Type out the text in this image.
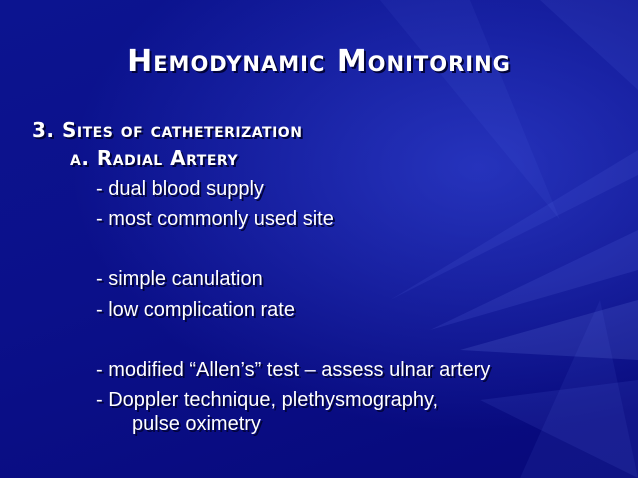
Hemodynamic Monitoring

3. Sites of catheterization

a. Radial Artery

- dual blood supply

- most commonly used site

- simple canulation

- low complication rate

- modified “Allen’s” test – assess ulnar artery

- Doppler technique, plethysmography,

pulse oximetry
